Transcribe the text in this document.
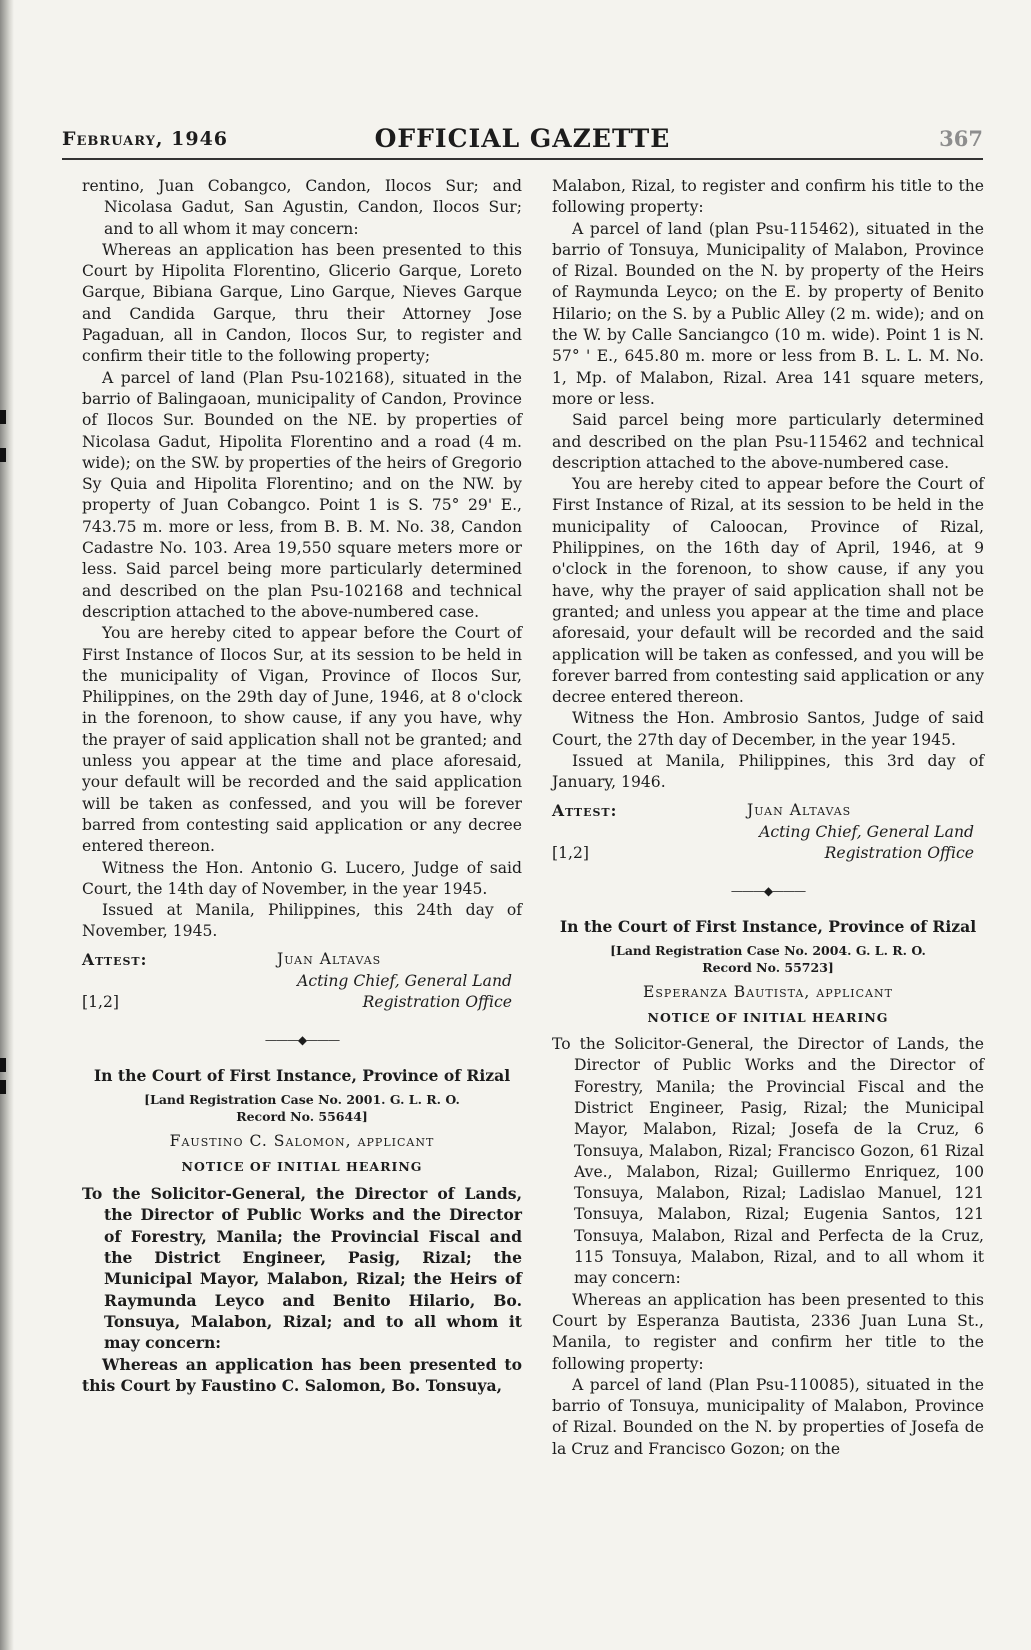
February, 1946	OFFICIAL GAZETTE	367

rentino, Juan Cobangco, Candon, Ilocos Sur; and Nicolasa Gadut, San Agustin, Candon, Ilocos Sur; and to all whom it may concern:

Whereas an application has been presented to this Court by Hipolita Florentino, Glicerio Garque, Loreto Garque, Bibiana Garque, Lino Garque, Nieves Garque and Candida Garque, thru their Attorney Jose Pagaduan, all in Candon, Ilocos Sur, to register and confirm their title to the following property;

A parcel of land (Plan Psu-102168), situated in the barrio of Balingaoan, municipality of Candon, Province of Ilocos Sur. Bounded on the NE. by properties of Nicolasa Gadut, Hipolita Florentino and a road (4 m. wide); on the SW. by properties of the heirs of Gregorio Sy Quia and Hipolita Florentino; and on the NW. by property of Juan Cobangco. Point 1 is S. 75° 29' E., 743.75 m. more or less, from B. B. M. No. 38, Candon Cadastre No. 103. Area 19,550 square meters more or less. Said parcel being more particularly determined and described on the plan Psu-102168 and technical description attached to the above-numbered case.

You are hereby cited to appear before the Court of First Instance of Ilocos Sur, at its session to be held in the municipality of Vigan, Province of Ilocos Sur, Philippines, on the 29th day of June, 1946, at 8 o'clock in the forenoon, to show cause, if any you have, why the prayer of said application shall not be granted; and unless you appear at the time and place aforesaid, your default will be recorded and the said application will be taken as confessed, and you will be forever barred from contesting said application or any decree entered thereon.

Witness the Hon. Antonio G. Lucero, Judge of said Court, the 14th day of November, in the year 1945.

Issued at Manila, Philippines, this 24th day of November, 1945.

Attest:	Juan Altavas
Acting Chief, General Land
[1,2]	Registration Office
———◆———
In the Court of First Instance, Province of Rizal
[Land Registration Case No. 2001. G. L. R. O.
Record No. 55644]
Faustino C. Salomon, applicant
NOTICE OF INITIAL HEARING

To the Solicitor-General, the Director of Lands, the Director of Public Works and the Director of Forestry, Manila; the Provincial Fiscal and the District Engineer, Pasig, Rizal; the Municipal Mayor, Malabon, Rizal; the Heirs of Raymunda Leyco and Benito Hilario, Bo. Tonsuya, Malabon, Rizal; and to all whom it may concern:

Whereas an application has been presented to this Court by Faustino C. Salomon, Bo. Tonsuya,

Malabon, Rizal, to register and confirm his title to the following property:

A parcel of land (plan Psu-115462), situated in the barrio of Tonsuya, Municipality of Malabon, Province of Rizal. Bounded on the N. by property of the Heirs of Raymunda Leyco; on the E. by property of Benito Hilario; on the S. by a Public Alley (2 m. wide); and on the W. by Calle Sanciangco (10 m. wide). Point 1 is N. 57° ' E., 645.80 m. more or less from B. L. L. M. No. 1, Mp. of Malabon, Rizal. Area 141 square meters, more or less.

Said parcel being more particularly determined and described on the plan Psu-115462 and technical description attached to the above-numbered case.

You are hereby cited to appear before the Court of First Instance of Rizal, at its session to be held in the municipality of Caloocan, Province of Rizal, Philippines, on the 16th day of April, 1946, at 9 o'clock in the forenoon, to show cause, if any you have, why the prayer of said application shall not be granted; and unless you appear at the time and place aforesaid, your default will be recorded and the said application will be taken as confessed, and you will be forever barred from contesting said application or any decree entered thereon.

Witness the Hon. Ambrosio Santos, Judge of said Court, the 27th day of December, in the year 1945.

Issued at Manila, Philippines, this 3rd day of January, 1946.

Attest:	Juan Altavas
Acting Chief, General Land
[1,2]	Registration Office
———◆———
In the Court of First Instance, Province of Rizal
[Land Registration Case No. 2004. G. L. R. O.
Record No. 55723]
Esperanza Bautista, applicant
NOTICE OF INITIAL HEARING

To the Solicitor-General, the Director of Lands, the Director of Public Works and the Director of Forestry, Manila; the Provincial Fiscal and the District Engineer, Pasig, Rizal; the Municipal Mayor, Malabon, Rizal; Josefa de la Cruz, 6 Tonsuya, Malabon, Rizal; Francisco Gozon, 61 Rizal Ave., Malabon, Rizal; Guillermo Enriquez, 100 Tonsuya, Malabon, Rizal; Ladislao Manuel, 121 Tonsuya, Malabon, Rizal; Eugenia Santos, 121 Tonsuya, Malabon, Rizal and Perfecta de la Cruz, 115 Tonsuya, Malabon, Rizal, and to all whom it may concern:

Whereas an application has been presented to this Court by Esperanza Bautista, 2336 Juan Luna St., Manila, to register and confirm her title to the following property:

A parcel of land (Plan Psu-110085), situated in the barrio of Tonsuya, municipality of Malabon, Province of Rizal. Bounded on the N. by properties of Josefa de la Cruz and Francisco Gozon; on the
